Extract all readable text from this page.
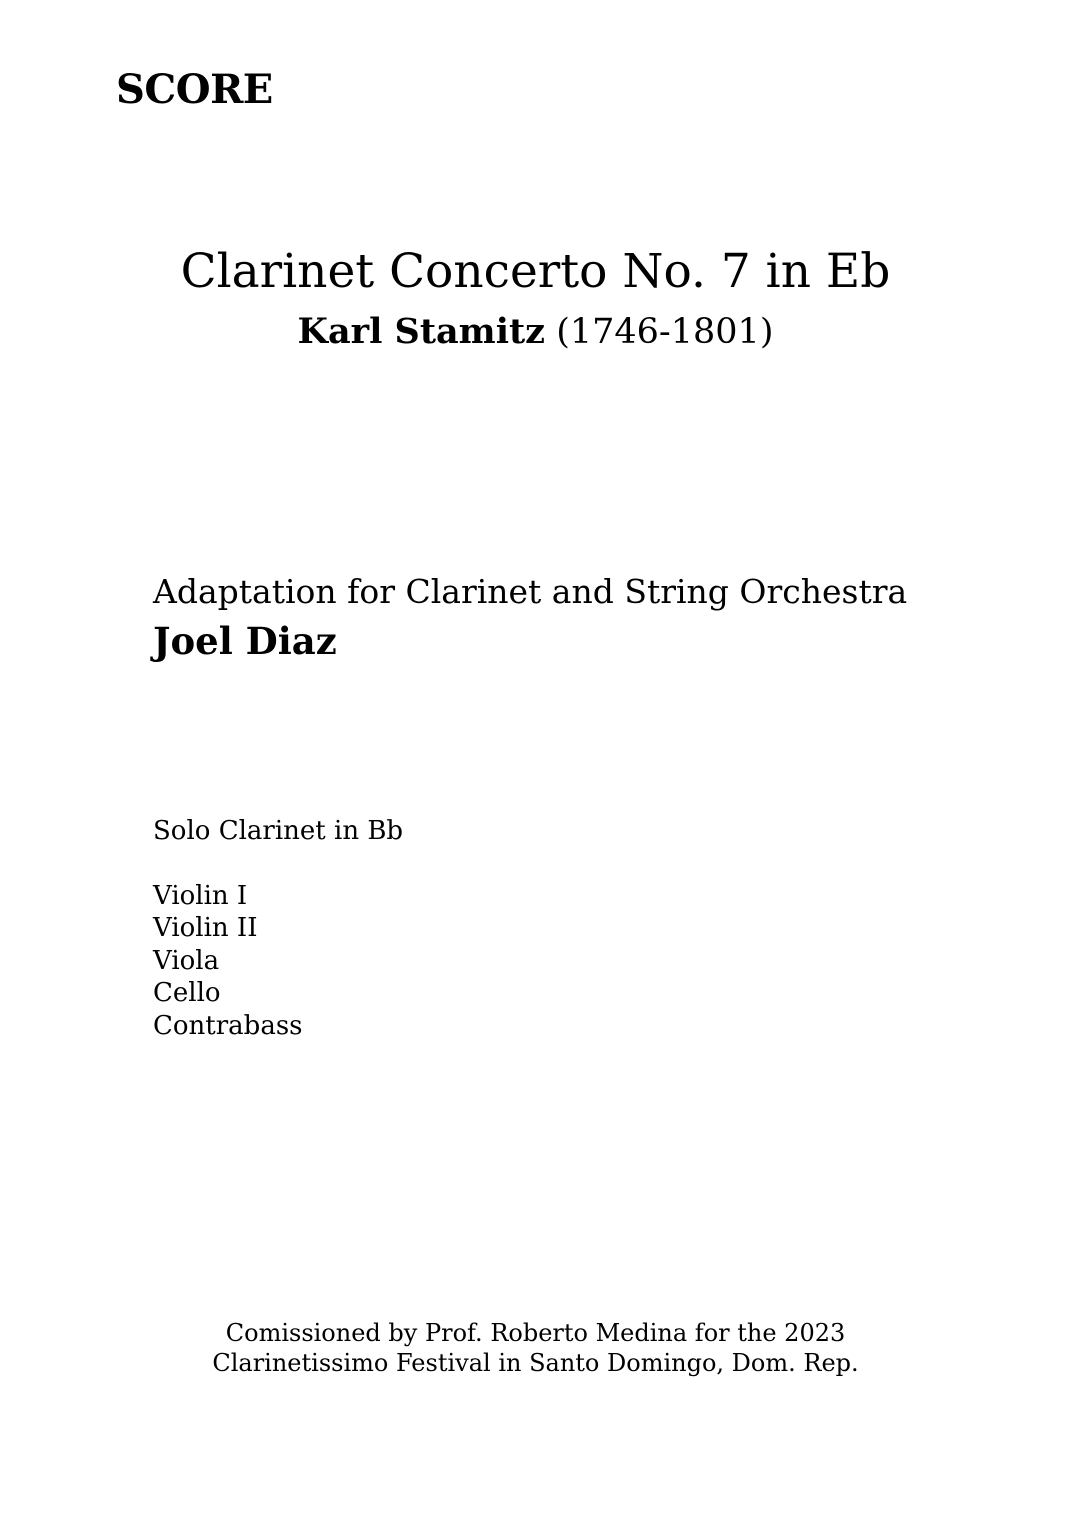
SCORE
Clarinet Concerto No. 7 in Eb
Karl Stamitz (1746-1801)
Adaptation for Clarinet and String Orchestra
Joel Diaz
Solo Clarinet in Bb
Violin I
Violin II
Viola
Cello
Contrabass
Comissioned by Prof. Roberto Medina for the 2023
Clarinetissimo Festival in Santo Domingo, Dom. Rep.
